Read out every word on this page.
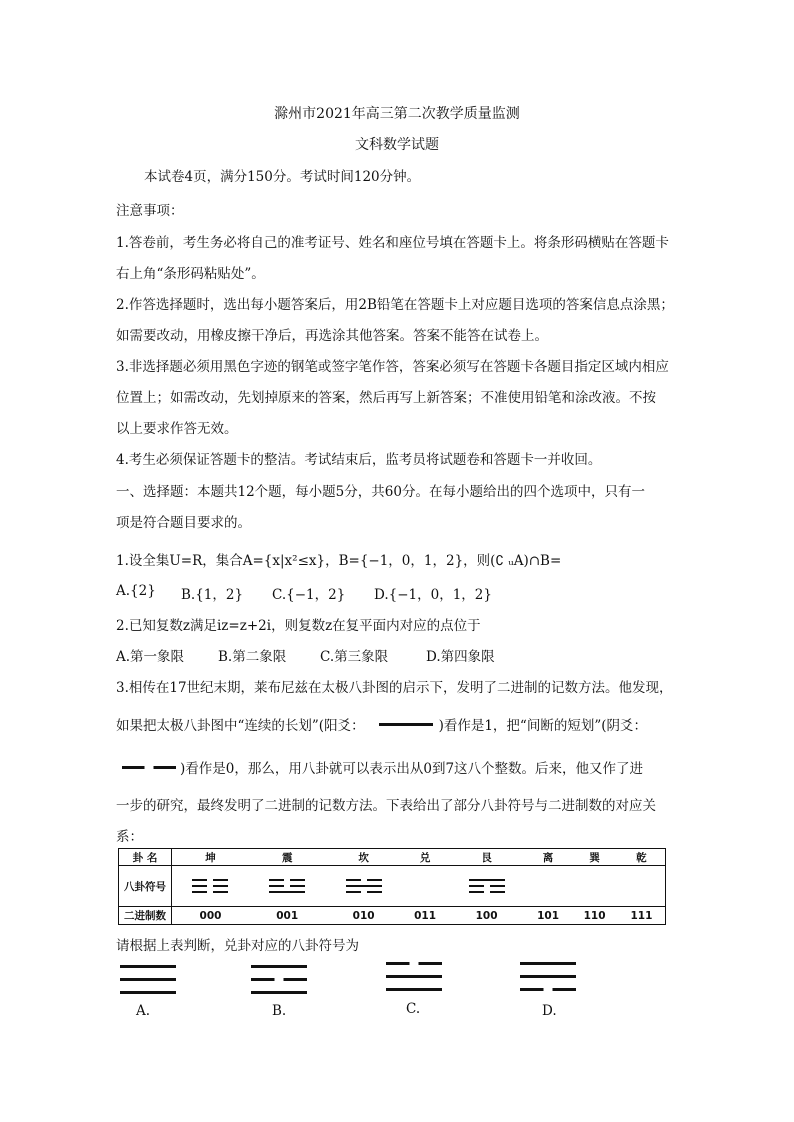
滁州市2021年高三第二次教学质量监测
文科数学试题
本试卷4页，满分150分。考试时间120分钟。
注意事项：
1.答卷前，考生务必将自己的准考证号、姓名和座位号填在答题卡上。将条形码横贴在答题卡
右上角“条形码粘贴处”。
2.作答选择题时，选出每小题答案后，用2B铅笔在答题卡上对应题目选项的答案信息点涂黑；
如需要改动，用橡皮擦干净后，再选涂其他答案。答案不能答在试卷上。
3.非选择题必须用黑色字迹的钢笔或签字笔作答，答案必须写在答题卡各题目指定区域内相应
位置上；如需改动，先划掉原来的答案，然后再写上新答案；不准使用铅笔和涂改液。不按
以上要求作答无效。
4.考生必须保证答题卡的整洁。考试结束后，监考员将试题卷和答题卡一并收回。
一、选择题：本题共12个题，每小题5分，共60分。在每小题给出的四个选项中，只有一
项是符合题目要求的。
1.设全集U=R，集合A={x|x²≤x}，B={−1，0，1，2}，则(∁ ᵤA)∩B=
A.{2} B.{1，2} C.{−1，2} D.{−1，0，1，2}
2.已知复数z满足iz=z+2i，则复数z在复平面内对应的点位于
A.第一象限	B.第二象限	C.第三象限	D.第四象限
3.相传在17世纪末期，莱布尼兹在太极八卦图的启示下，发明了二进制的记数方法。他发现，
如果把太极八卦图中“连续的长划”(阳爻：	)看作是1，把“间断的短划”(阴爻：
)看作是0，那么，用八卦就可以表示出从0到7这八个整数。后来，他又作了进
一步的研究，最终发明了二进制的记数方法。下表给出了部分八卦符号与二进制数的对应关
系：
卦 名	坤	震	坎	兑	艮	离	巽	乾
八卦符号	

二进制数	000	001	010	011	100	101	110	111
请根据上表判断，兑卦对应的八卦符号为
A.	B.	C.	D.
